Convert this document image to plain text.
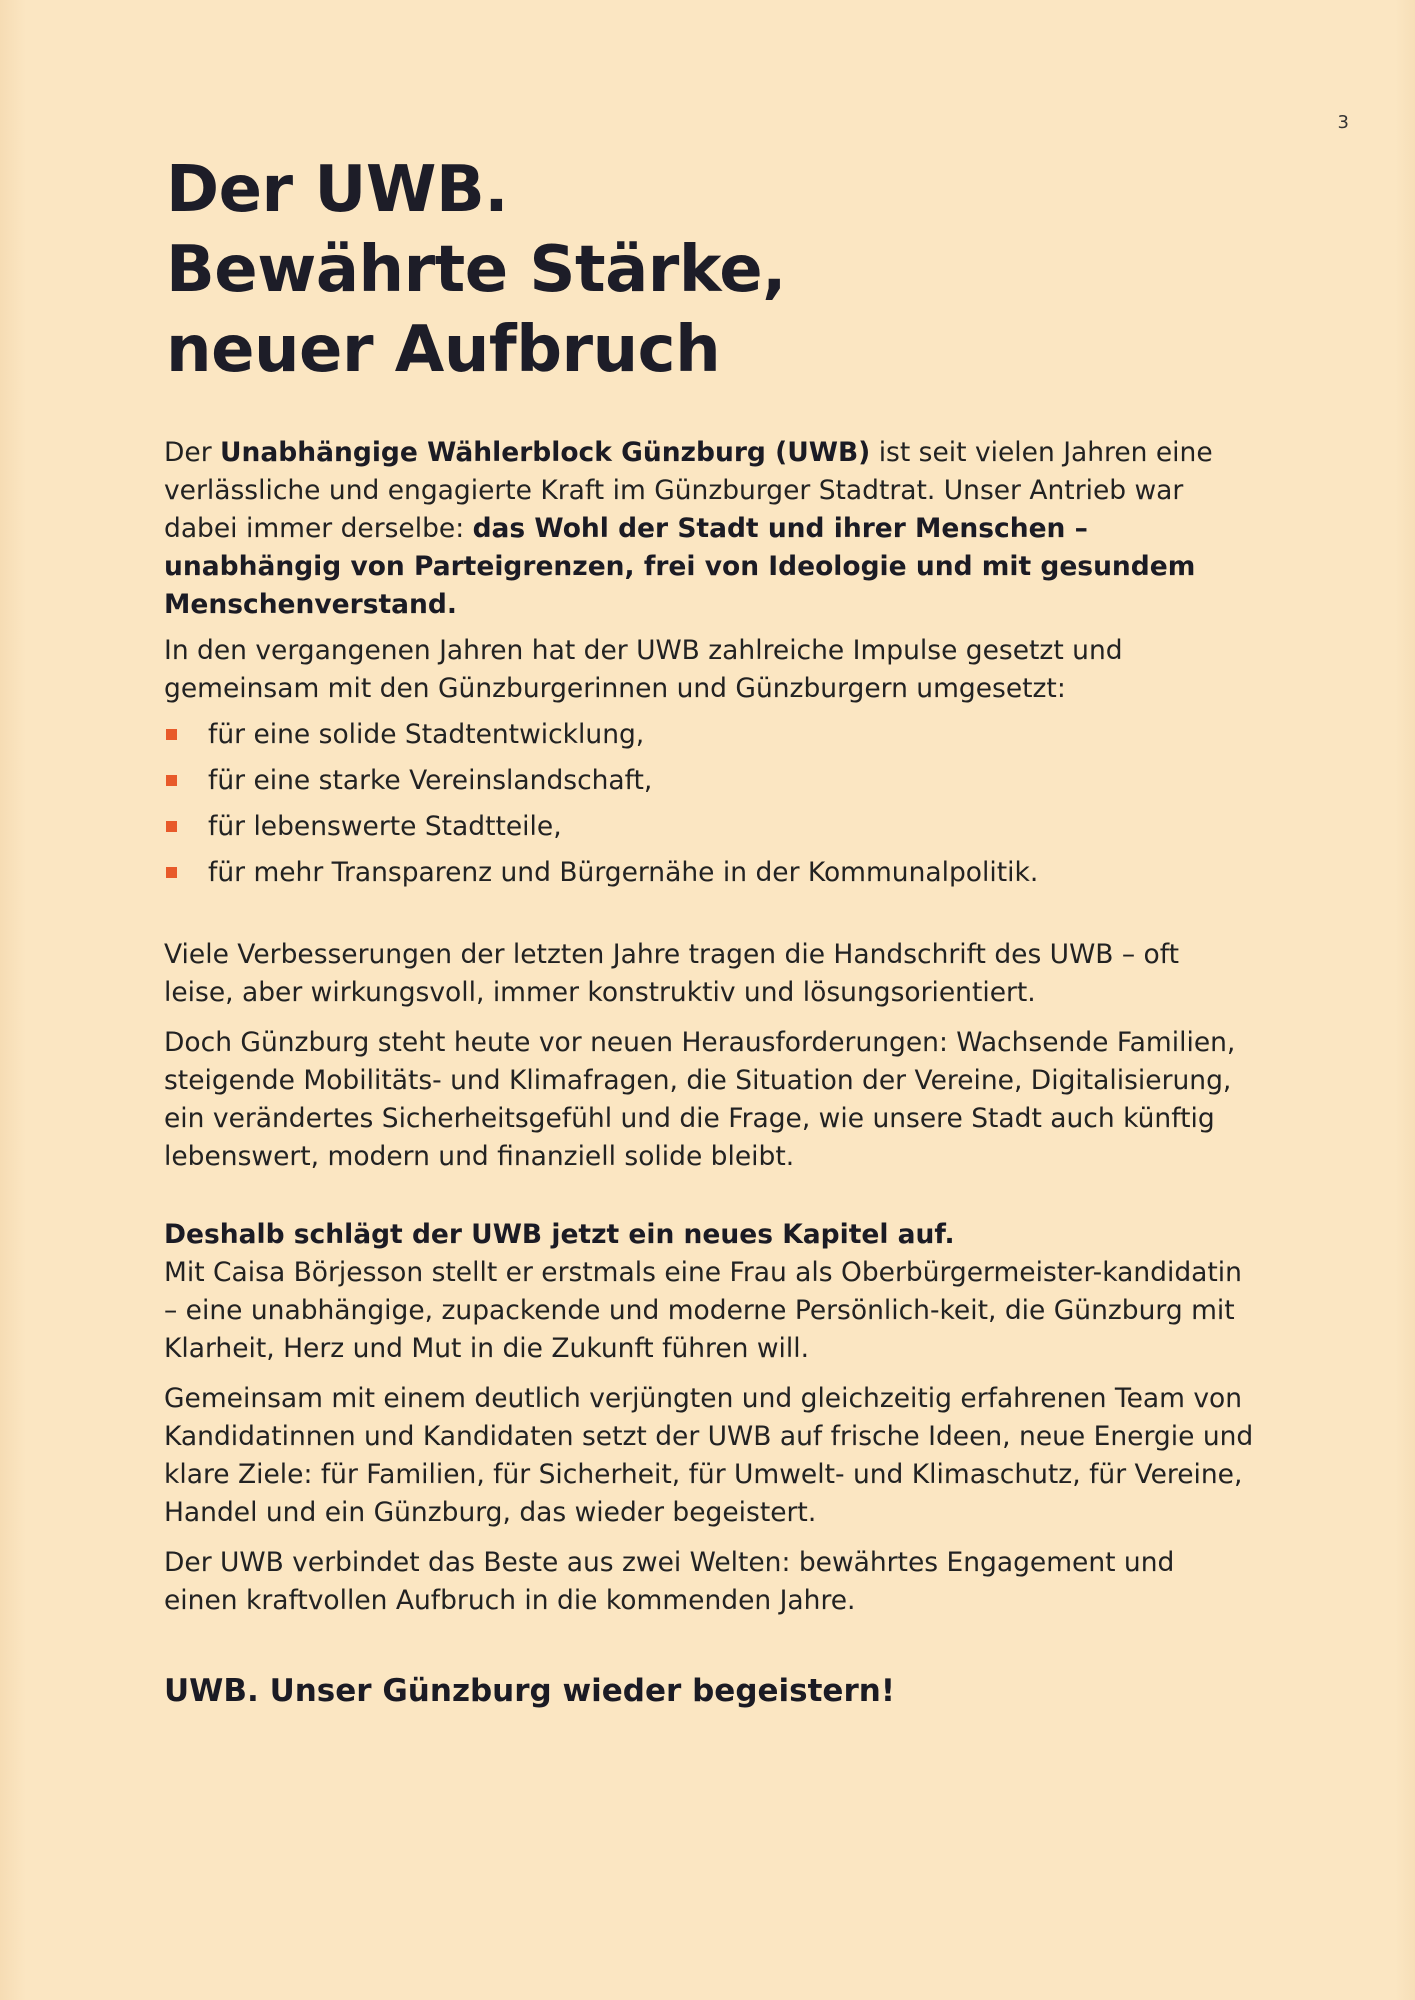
3
Der UWB.
Bewährte Stärke,
neuer Aufbruch

Der Unabhängige Wählerblock Günzburg (UWB) ist seit vielen Jahren eine verlässliche und engagierte Kraft im Günzburger Stadtrat. Unser Antrieb war dabei immer derselbe: das Wohl der Stadt und ihrer Menschen – unabhängig von Parteigrenzen, frei von Ideologie und mit gesundem Menschenverstand.

In den vergangenen Jahren hat der UWB zahlreiche Impulse gesetzt und gemeinsam mit den Günzburgerinnen und Günzburgern umgesetzt:

für eine solide Stadtentwicklung,
für eine starke Vereinslandschaft,
für lebenswerte Stadtteile,
für mehr Transparenz und Bürgernähe in der Kommunalpolitik.

Viele Verbesserungen der letzten Jahre tragen die Handschrift des UWB – oft leise, aber wirkungsvoll, immer konstruktiv und lösungsorientiert.

Doch Günzburg steht heute vor neuen Herausforderungen: Wachsende Familien, steigende Mobilitäts- und Klimafragen, die Situation der Vereine, Digitalisierung, ein verändertes Sicherheitsgefühl und die Frage, wie unsere Stadt auch künftig lebenswert, modern und finanziell solide bleibt.

Deshalb schlägt der UWB jetzt ein neues Kapitel auf.

Mit Caisa Börjesson stellt er erstmals eine Frau als Oberbürgermeister-kandidatin – eine unabhängige, zupackende und moderne Persönlich-keit, die Günzburg mit Klarheit, Herz und Mut in die Zukunft führen will.

Gemeinsam mit einem deutlich verjüngten und gleichzeitig erfahrenen Team von Kandidatinnen und Kandidaten setzt der UWB auf frische Ideen, neue Energie und klare Ziele: für Familien, für Sicherheit, für Umwelt- und Klimaschutz, für Vereine, Handel und ein Günzburg, das wieder begeistert.

Der UWB verbindet das Beste aus zwei Welten: bewährtes Engagement und einen kraftvollen Aufbruch in die kommenden Jahre.

UWB. Unser Günzburg wieder begeistern!
